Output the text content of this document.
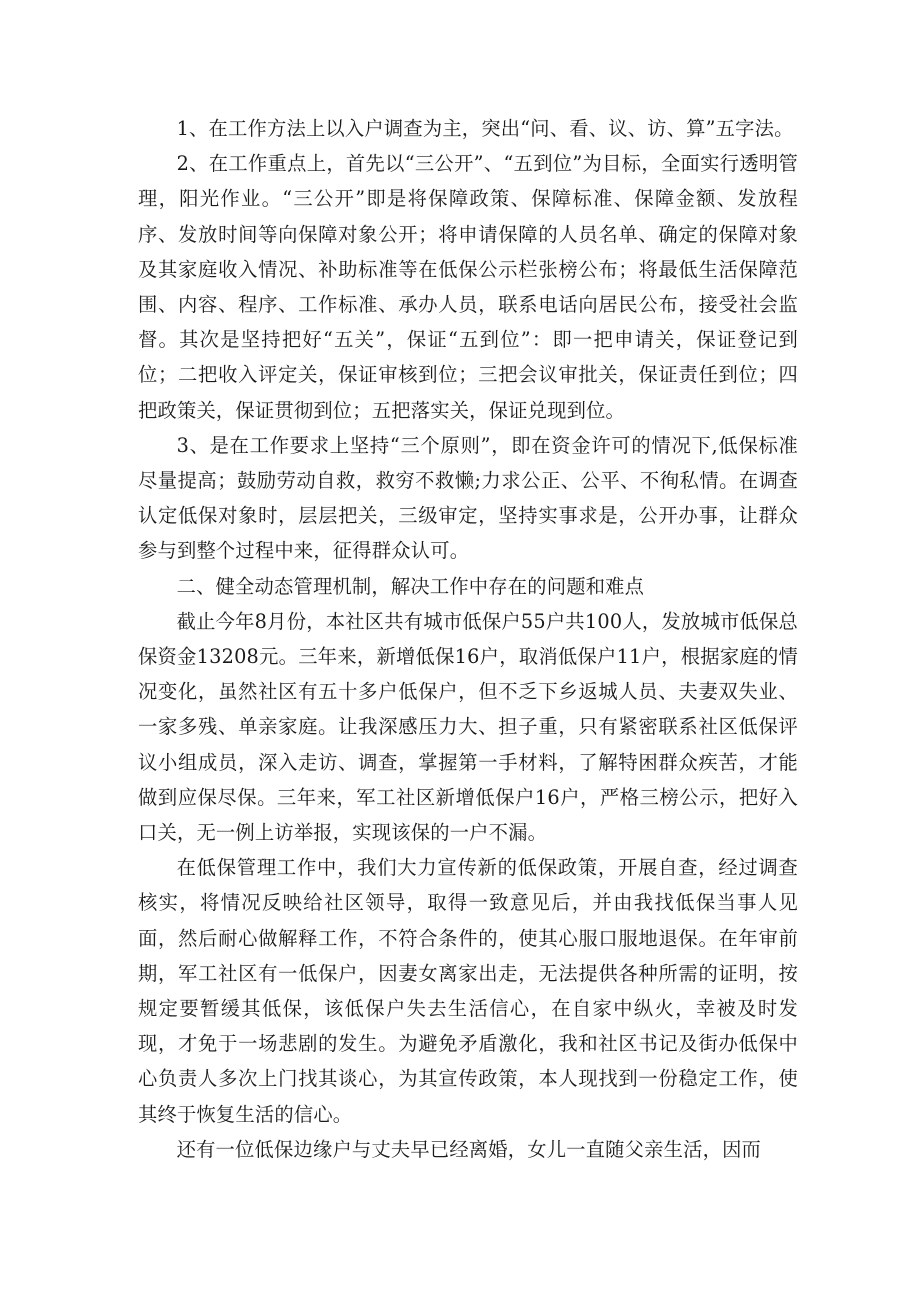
1、在工作方法上以入户调查为主，突出“问、看、议、访、算”五字法。

2、在工作重点上，首先以“三公开”、“五到位”为目标，全面实行透明管理，阳光作业。“三公开”即是将保障政策、保障标准、保障金额、发放程序、发放时间等向保障对象公开；将申请保障的人员名单、确定的保障对象及其家庭收入情况、补助标准等在低保公示栏张榜公布；将最低生活保障范围、内容、程序、工作标准、承办人员，联系电话向居民公布，接受社会监督。其次是坚持把好“五关”，保证“五到位”：即一把申请关，保证登记到位；二把收入评定关，保证审核到位；三把会议审批关，保证责任到位；四把政策关，保证贯彻到位；五把落实关，保证兑现到位。

3、是在工作要求上坚持“三个原则”，即在资金许可的情况下,低保标准尽量提高；鼓励劳动自救，救穷不救懒;力求公正、公平、不徇私情。在调查认定低保对象时，层层把关，三级审定，坚持实事求是，公开办事，让群众参与到整个过程中来，征得群众认可。

二、健全动态管理机制，解决工作中存在的问题和难点

截止今年8月份，本社区共有城市低保户55户共100人，发放城市低保总保资金13208元。三年来，新增低保16户，取消低保户11户，根据家庭的情况变化，虽然社区有五十多户低保户，但不乏下乡返城人员、夫妻双失业、一家多残、单亲家庭。让我深感压力大、担子重，只有紧密联系社区低保评议小组成员，深入走访、调查，掌握第一手材料，了解特困群众疾苦，才能做到应保尽保。三年来，军工社区新增低保户16户，严格三榜公示，把好入口关，无一例上访举报，实现该保的一户不漏。

在低保管理工作中，我们大力宣传新的低保政策，开展自查，经过调查核实，将情况反映给社区领导，取得一致意见后，并由我找低保当事人见面，然后耐心做解释工作，不符合条件的，使其心服口服地退保。在年审前期，军工社区有一低保户，因妻女离家出走，无法提供各种所需的证明，按规定要暂缓其低保，该低保户失去生活信心，在自家中纵火，幸被及时发现，才免于一场悲剧的发生。为避免矛盾激化，我和社区书记及街办低保中心负责人多次上门找其谈心，为其宣传政策，本人现找到一份稳定工作，使其终于恢复生活的信心。

还有一位低保边缘户与丈夫早已经离婚，女儿一直随父亲生活，因而
